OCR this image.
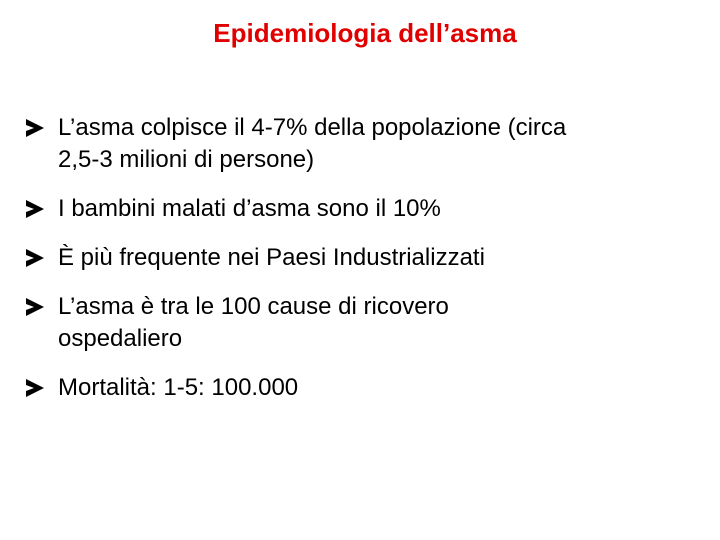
Epidemiologia dell’asma
L’asma colpisce il 4-7% della popolazione (circa
2,5-3 milioni di persone)
I bambini malati d’asma sono il 10%
È più frequente nei Paesi Industrializzati
L’asma è tra le 100 cause di ricovero
ospedaliero
Mortalità: 1-5: 100.000
